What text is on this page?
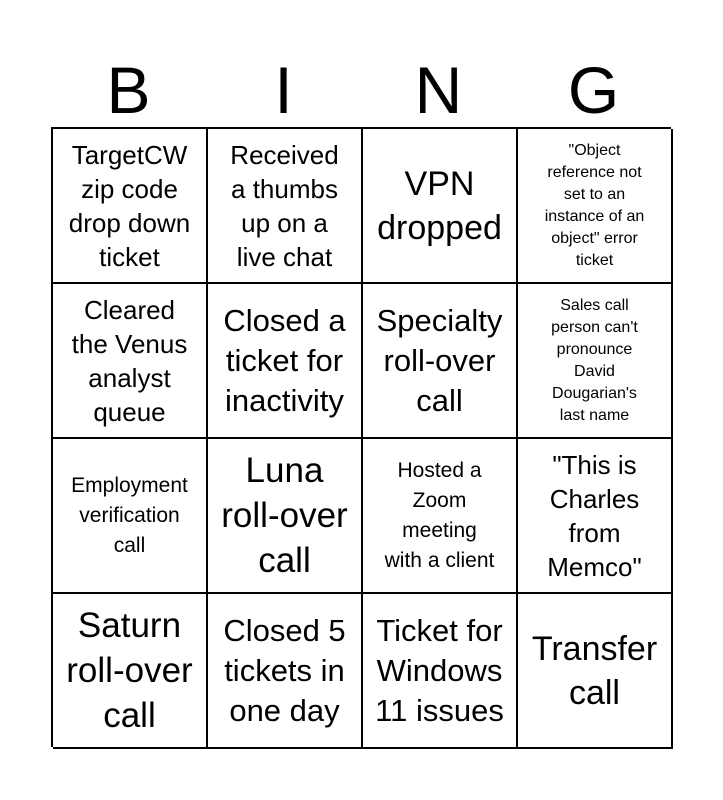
B	I	N	G
TargetCW
zip code
drop down
ticket
Received
a thumbs
up on a
live chat
VPN
dropped
"Object
reference not
set to an
instance of an
object" error
ticket
Cleared
the Venus
analyst
queue
Closed a
ticket for
inactivity
Specialty
roll-over
call
Sales call
person can't
pronounce
David
Dougarian's
last name
Employment
verification
call
Luna
roll-over
call
Hosted a
Zoom
meeting
with a client
"This is
Charles
from
Memco"
Saturn
roll-over
call
Closed 5
tickets in
one day
Ticket for
Windows
11 issues
Transfer
call
